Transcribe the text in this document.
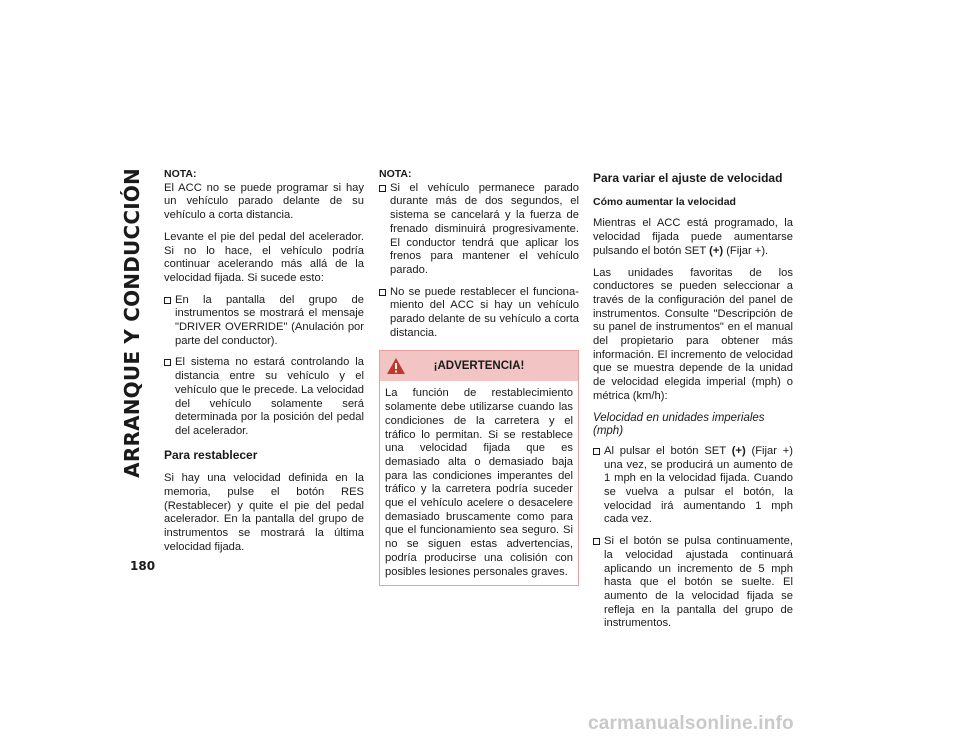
ARRANQUE Y CONDUCCIÓN
180

NOTA:

El ACC no se puede programar si hay un vehículo parado delante de su vehículo a corta distancia.

Levante el pie del pedal del acelerador. Si no lo hace, el vehículo podría continuar acelerando más allá de la velocidad fijada. Si sucede esto:

En la pantalla del grupo de instrumentos se mostrará el mensaje "DRIVER OVERRIDE" (Anulación por parte del conductor).
El sistema no estará controlando la distancia entre su vehículo y el vehículo que le precede. La velocidad del vehículo solamente será determinada por la posición del pedal del acelerador.
Para restablecer

Si hay una velocidad definida en la memoria, pulse el botón RES (Restablecer) y quite el pie del pedal acelerador. En la pantalla del grupo de instrumentos se mostrará la última velocidad fijada.

NOTA:

Si el vehículo permanece parado durante más de dos segundos, el sistema se cancelará y la fuerza de frenado disminuirá progresivamente. El conductor tendrá que aplicar los frenos para mantener el vehículo parado.
No se puede restablecer el funcionamiento del ACC si hay un vehículo parado delante de su vehículo a corta distancia.
¡ADVERTENCIA!
La función de restablecimiento solamente debe utilizarse cuando las condiciones de la carretera y el tráfico lo permitan. Si se restablece una velocidad fijada que es demasiado alta o demasiado baja para las condiciones imperantes del tráfico y la carretera podría suceder que el vehículo acelere o desacelere demasiado bruscamente como para que el funcionamiento sea seguro. Si no se siguen estas advertencias, podría producirse una colisión con posibles lesiones personales graves.
Para variar el ajuste de velocidad
Cómo aumentar la velocidad

Mientras el ACC está programado, la velocidad fijada puede aumentarse pulsando el botón SET (+) (Fijar +).

Las unidades favoritas de los conductores se pueden seleccionar a través de la configuración del panel de instrumentos. Consulte "Descripción de su panel de instrumentos" en el manual del propietario para obtener más información. El incremento de velocidad que se muestra depende de la unidad de velocidad elegida imperial (mph) o métrica (km/h):

Velocidad en unidades imperiales (mph)
Al pulsar el botón SET (+) (Fijar +) una vez, se producirá un aumento de 1 mph en la velocidad fijada. Cuando se vuelva a pulsar el botón, la velocidad irá aumentando 1 mph cada vez.
Si el botón se pulsa continuamente, la velocidad ajustada continuará aplicando un incremento de 5 mph hasta que el botón se suelte. El aumento de la velocidad fijada se refleja en la pantalla del grupo de instrumentos.
carmanualsonline.info
